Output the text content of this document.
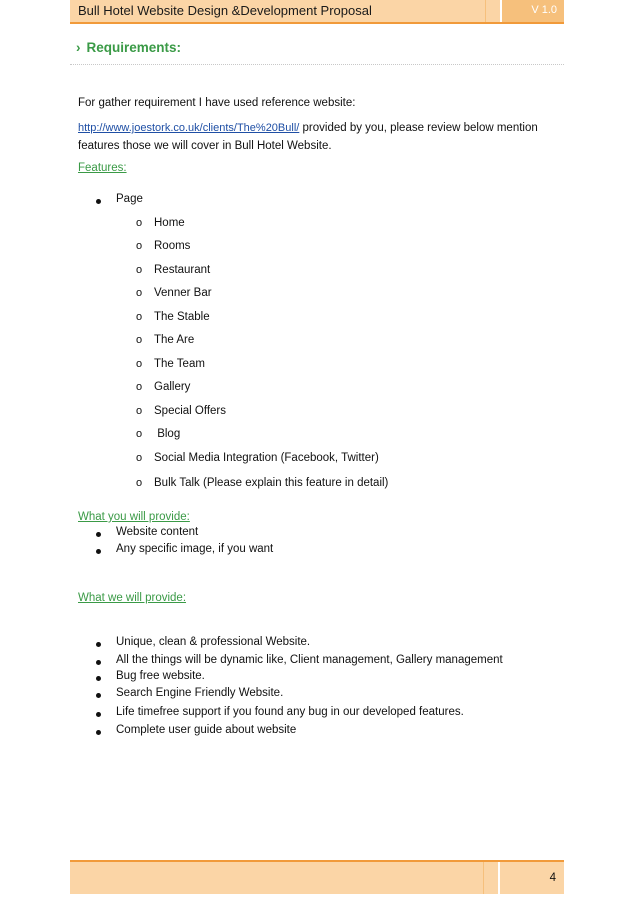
Bull Hotel Website Design &Development Proposal	V 1.0
› Requirements:
For gather requirement I have used reference website:
http://www.joestork.co.uk/clients/The%20Bull/ provided by you, please review below mention
features those we will cover in Bull Hotel Website.
Features:
Page
o Home
o Rooms
o Restaurant
o Venner Bar
o The Stable
o The Are
o The Team
o Gallery
o Special Offers
o Blog
o Social Media Integration (Facebook, Twitter)
o Bulk Talk (Please explain this feature in detail)
What you will provide:
Website content
Any specific image, if you want
What we will provide:
Unique, clean & professional Website.
All the things will be dynamic like, Client management, Gallery management
Bug free website.
Search Engine Friendly Website.
Life timefree support if you found any bug in our developed features.
Complete user guide about website
4
